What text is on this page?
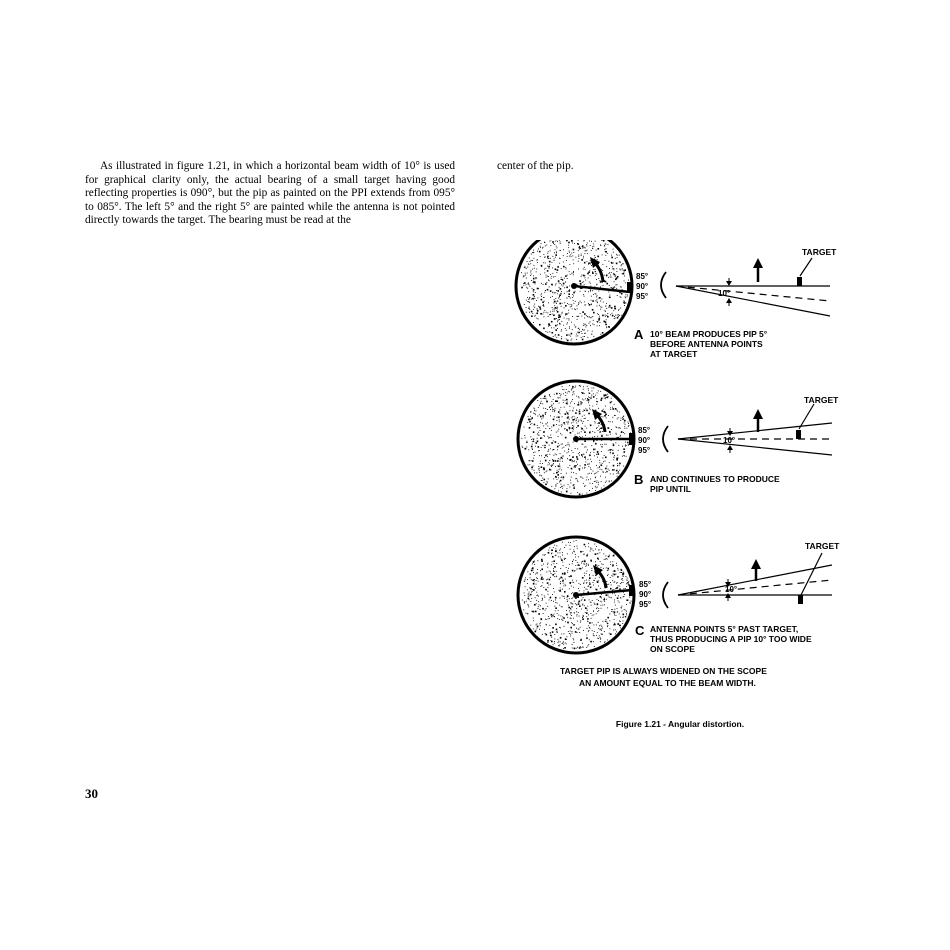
As illustrated in figure 1.21, in which a horizontal beam width of 10° is used for graphical clarity only, the actual bearing of a small target having good reflecting properties is 090°, but the pip as painted on the PPI extends from 095° to 085°. The left 5° and the right 5° are painted while the antenna is not pointed directly towards the target. The bearing must be read at the
center of the pip.
85°
90°
95°
TARGET
10°
A 10° BEAM PRODUCES PIP 5°
BEFORE ANTENNA POINTS
AT TARGET
85°
90°
95°
TARGET
10°
B AND CONTINUES TO PRODUCE
PIP UNTIL
85°
90°
95°
TARGET
10°
C ANTENNA POINTS 5° PAST TARGET,
THUS PRODUCING A PIP 10° TOO WIDE
ON SCOPE
TARGET PIP IS ALWAYS WIDENED ON THE SCOPE
AN AMOUNT EQUAL TO THE BEAM WIDTH.
Figure 1.21 - Angular distortion.
30
